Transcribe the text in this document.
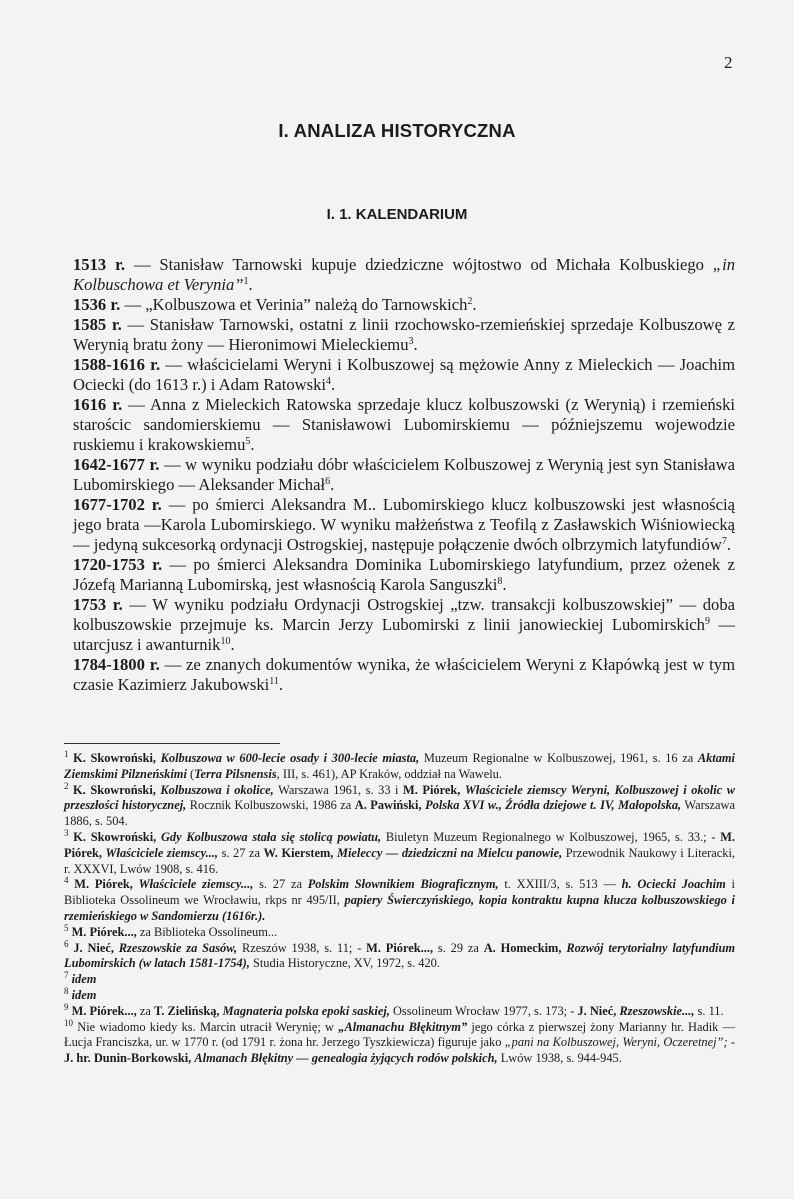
2
I. ANALIZA HISTORYCZNA
I. 1. KALENDARIUM

1513 r. — Stanisław Tarnowski kupuje dziedziczne wójtostwo od Michała Kolbuskiego „in Kolbuschowa et Verynia”$^1$.

1536 r. — „Kolbuszowa et Verinia” należą do Tarnowskich$^2$.

1585 r. — Stanisław Tarnowski, ostatni z linii rzochowsko-rzemieńskiej sprzedaje Kolbuszowę z Werynią bratu żony — Hieronimowi Mieleckiemu$^3$.

1588-1616 r. — właścicielami Weryni i Kolbuszowej są mężowie Anny z Mieleckich — Joachim Ociecki (do 1613 r.) i Adam Ratowski$^4$.

1616 r. — Anna z Mieleckich Ratowska sprzedaje klucz kolbuszowski (z Werynią) i rzemieński starościc sandomierskiemu — Stanisławowi Lubomirskiemu — późniejszemu wojewodzie ruskiemu i krakowskiemu$^5$.

1642-1677 r. — w wyniku podziału dóbr właścicielem Kolbuszowej z Werynią jest syn Stanisława Lubomirskiego — Aleksander Michał$^6$.

1677-1702 r. — po śmierci Aleksandra M.. Lubomirskiego klucz kolbuszowski jest własnością jego brata —Karola Lubomirskiego. W wyniku małżeństwa z Teofilą z Zasławskich Wiśniowiecką — jedyną sukcesorką ordynacji Ostrogskiej, następuje połączenie dwóch olbrzymich latyfundiów$^7$.

1720-1753 r. — po śmierci Aleksandra Dominika Lubomirskiego latyfundium, przez ożenek z Józefą Marianną Lubomirską, jest własnością Karola Sanguszki$^8$.

1753 r. — W wyniku podziału Ordynacji Ostrogskiej „tzw. transakcji kolbuszowskiej” — doba kolbuszowskie przejmuje ks. Marcin Jerzy Lubomirski z linii janowieckiej Lubomirskich$^9$ — utarcjusz i awanturnik$^{10}$.

1784-1800 r. — ze znanych dokumentów wynika, że właścicielem Weryni z Kłapówką jest w tym czasie Kazimierz Jakubowski$^{11}$.

$^1$ K. Skowroński, Kolbuszowa w 600-lecie osady i 300-lecie miasta, Muzeum Regionalne w Kolbuszowej, 1961, s. 16 za Aktami Ziemskimi Pilzneńskimi (Terra Pilsnensis, III, s. 461), AP Kraków, oddział na Wawelu.

$^2$ K. Skowroński, Kolbuszowa i okolice, Warszawa 1961, s. 33 i M. Piórek, Właściciele ziemscy Weryni, Kolbuszowej i okolic w przeszłości historycznej, Rocznik Kolbuszowski, 1986 za A. Pawiński, Polska XVI w., Źródła dziejowe t. IV, Małopolska, Warszawa 1886, s. 504.

$^3$ K. Skowroński, Gdy Kolbuszowa stała się stolicą powiatu, Biuletyn Muzeum Regionalnego w Kolbuszowej, 1965, s. 33.; - M. Piórek, Właściciele ziemscy..., s. 27 za W. Kierstem, Mieleccy — dziedziczni na Mielcu panowie, Przewodnik Naukowy i Literacki, r. XXXVI, Lwów 1908, s. 416.

$^4$ M. Piórek, Właściciele ziemscy..., s. 27 za Polskim Słownikiem Biograficznym, t. XXIII/3, s. 513 — h. Ociecki Joachim i Biblioteka Ossolineum we Wrocławiu, rkps nr 495/II, papiery Świerczyńskiego, kopia kontraktu kupna klucza kolbuszowskiego i rzemieńskiego w Sandomierzu (1616r.).

$^5$ M. Piórek..., za Biblioteka Ossolineum...

$^6$ J. Nieć, Rzeszowskie za Sasów, Rzeszów 1938, s. 11; - M. Piórek..., s. 29 za A. Homeckim, Rozwój terytorialny latyfundium Lubomirskich (w latach 1581-1754), Studia Historyczne, XV, 1972, s. 420.

$^7$ idem

$^8$ idem

$^9$ M. Piórek..., za T. Zielińską, Magnateria polska epoki saskiej, Ossolineum Wrocław 1977, s. 173; - J. Nieć, Rzeszowskie..., s. 11.

$^{10}$ Nie wiadomo kiedy ks. Marcin utracił Werynię; w „Almanachu Błękitnym” jego córka z pierwszej żony Marianny hr. Hadik — Łucja Franciszka, ur. w 1770 r. (od 1791 r. żona hr. Jerzego Tyszkiewicza) figuruje jako „pani na Kolbuszowej, Weryni, Oczeretnej”; - J. hr. Dunin-Borkowski, Almanach Błękitny — genealogia żyjących rodów polskich, Lwów 1938, s. 944-945.
